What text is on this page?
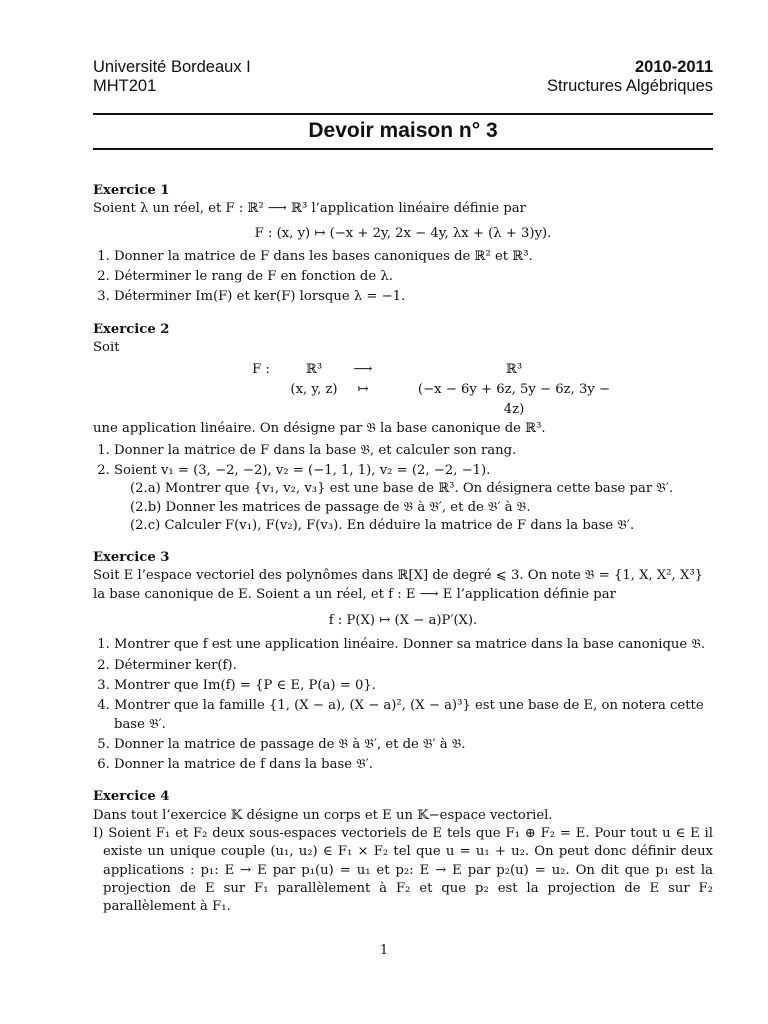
Université Bordeaux I
MHT201
2010-2011
Structures Algébriques
Devoir maison n° 3
Exercice 1
Soient λ un réel, et F : ℝ² ⟶ ℝ³ l’application linéaire définie par
F : (x, y) ↦ (−x + 2y, 2x − 4y, λx + (λ + 3)y).
1. Donner la matrice de F dans les bases canoniques de ℝ² et ℝ³.
2. Déterminer le rang de F en fonction de λ.
3. Déterminer Im(F) et ker(F) lorsque λ = −1.
Exercice 2
Soit
F :	ℝ³	⟶	ℝ³
(x, y, z)	↦	(−x − 6y + 6z, 5y − 6z, 3y − 4z)
une application linéaire. On désigne par 𝔅 la base canonique de ℝ³.
1. Donner la matrice de F dans la base 𝔅, et calculer son rang.
2. Soient v₁ = (3, −2, −2), v₂ = (−1, 1, 1), v₂ = (2, −2, −1).
(2.a) Montrer que {v₁, v₂, v₃} est une base de ℝ³. On désignera cette base par 𝔅′.
(2.b) Donner les matrices de passage de 𝔅 à 𝔅′, et de 𝔅′ à 𝔅.
(2.c) Calculer F(v₁), F(v₂), F(v₃). En déduire la matrice de F dans la base 𝔅′.
Exercice 3
Soit E l’espace vectoriel des polynômes dans ℝ[X] de degré ⩽ 3. On note 𝔅 = {1, X, X², X³}
la base canonique de E. Soient a un réel, et f : E ⟶ E l’application définie par
f : P(X) ↦ (X − a)P′(X).
1. Montrer que f est une application linéaire. Donner sa matrice dans la base canonique 𝔅.
2. Déterminer ker(f).
3. Montrer que Im(f) = {P ∈ E, P(a) = 0}.
4. Montrer que la famille {1, (X − a), (X − a)², (X − a)³} est une base de E, on notera cette base 𝔅′.
5. Donner la matrice de passage de 𝔅 à 𝔅′, et de 𝔅′ à 𝔅.
6. Donner la matrice de f dans la base 𝔅′.
Exercice 4
Dans tout l’exercice 𝕂 désigne un corps et E un 𝕂−espace vectoriel.
I) Soient F₁ et F₂ deux sous-espaces vectoriels de E tels que F₁ ⊕ F₂ = E. Pour tout u ∈ E il existe un unique couple (u₁, u₂) ∈ F₁ × F₂ tel que u = u₁ + u₂. On peut donc définir deux applications : p₁: E → E par p₁(u) = u₁ et p₂: E → E par p₂(u) = u₂. On dit que p₁ est la projection de E sur F₁ parallèlement à F₂ et que p₂ est la projection de E sur F₂ parallèlement à F₁.
1
